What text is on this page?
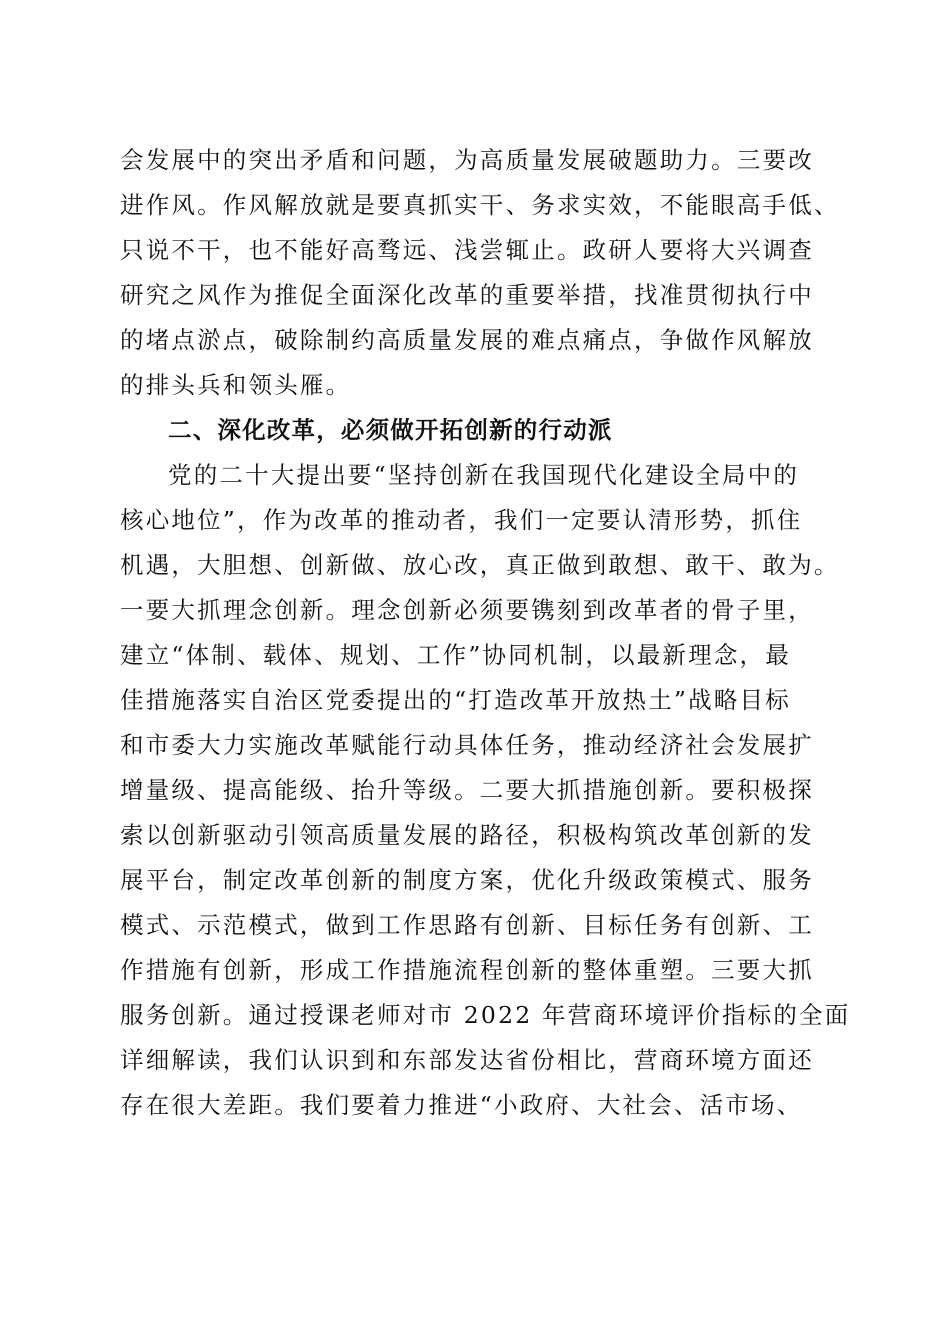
会发展中的突出矛盾和问题，为高质量发展破题助力。三要改
进作风。作风解放就是要真抓实干、务求实效，不能眼高手低、
只说不干，也不能好高骛远、浅尝辄止。政研人要将大兴调查
研究之风作为推促全面深化改革的重要举措，找准贯彻执行中
的堵点淤点，破除制约高质量发展的难点痛点，争做作风解放
的排头兵和领头雁。
二、深化改革，必须做开拓创新的行动派
党的二十大提出要“坚持创新在我国现代化建设全局中的
核心地位”，作为改革的推动者，我们一定要认清形势，抓住
机遇，大胆想、创新做、放心改，真正做到敢想、敢干、敢为。
一要大抓理念创新。理念创新必须要镌刻到改革者的骨子里，
建立“体制、载体、规划、工作”协同机制，以最新理念，最
佳措施落实自治区党委提出的“打造改革开放热土”战略目标
和市委大力实施改革赋能行动具体任务，推动经济社会发展扩
增量级、提高能级、抬升等级。二要大抓措施创新。要积极探
索以创新驱动引领高质量发展的路径，积极构筑改革创新的发
展平台，制定改革创新的制度方案，优化升级政策模式、服务
模式、示范模式，做到工作思路有创新、目标任务有创新、工
作措施有创新，形成工作措施流程创新的整体重塑。三要大抓
服务创新。通过授课老师对市 2022 年营商环境评价指标的全面
详细解读，我们认识到和东部发达省份相比，营商环境方面还
存在很大差距。我们要着力推进“小政府、大社会、活市场、
